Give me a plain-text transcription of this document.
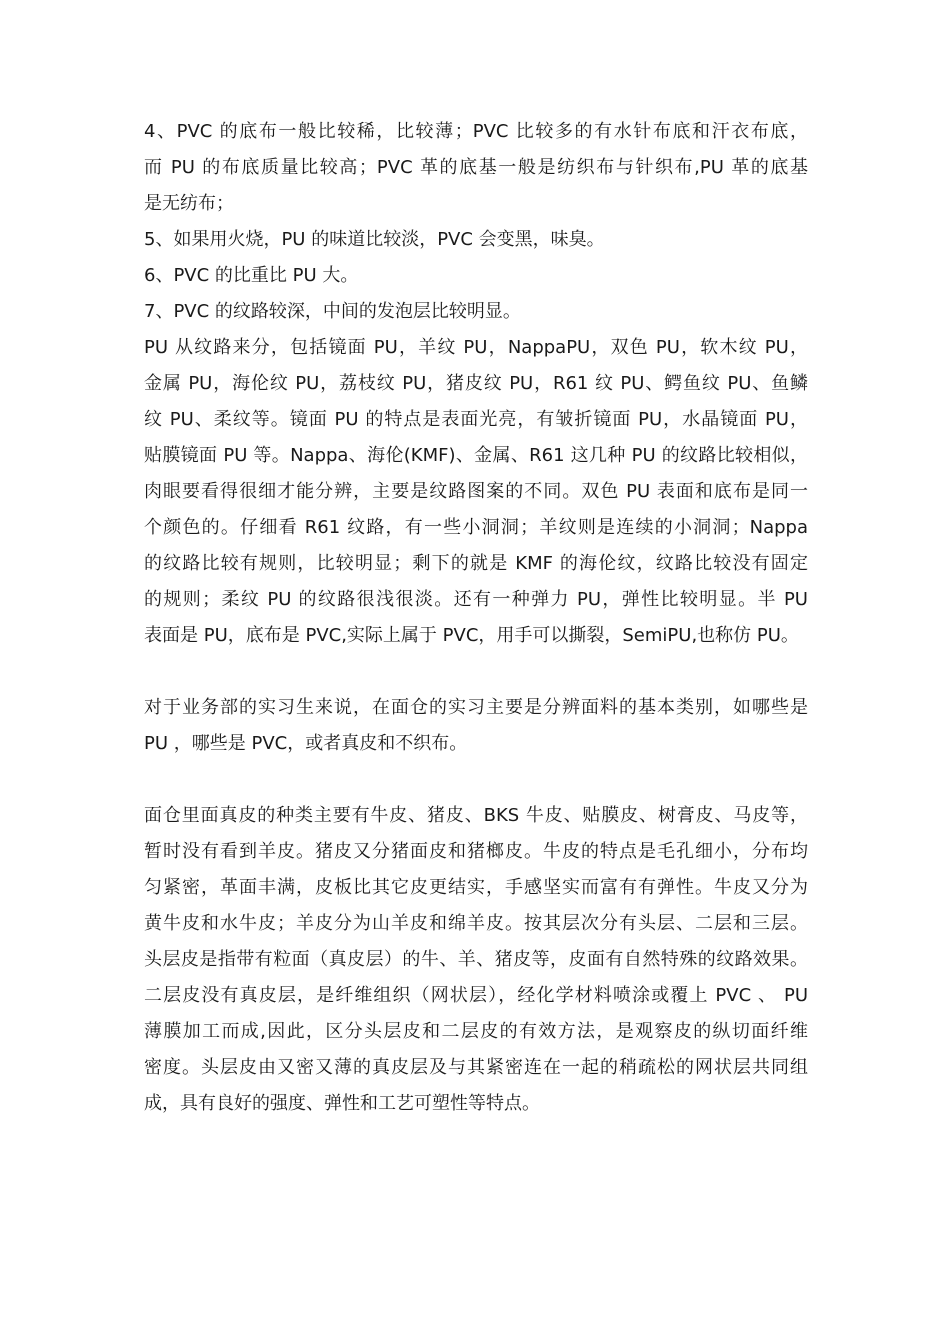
4、PVC 的底布一般比较稀，比较薄；PVC 比较多的有水针布底和汗衣布底，
而 PU 的布底质量比较高；PVC 革的底基一般是纺织布与针织布,PU 革的底基
是无纺布；
5、如果用火烧，PU 的味道比较淡，PVC 会变黑，味臭。
6、PVC 的比重比 PU 大。
7、PVC 的纹路较深，中间的发泡层比较明显。
PU 从纹路来分，包括镜面 PU，羊纹 PU，NappaPU，双色 PU，软木纹 PU，
金属 PU，海伦纹 PU，荔枝纹 PU，猪皮纹 PU，R61 纹 PU、鳄鱼纹 PU、鱼鳞
纹 PU、柔纹等。镜面 PU 的特点是表面光亮，有皱折镜面 PU，水晶镜面 PU，
贴膜镜面 PU 等。Nappa、海伦(KMF)、金属、R61 这几种 PU 的纹路比较相似，
肉眼要看得很细才能分辨，主要是纹路图案的不同。双色 PU 表面和底布是同一
个颜色的。仔细看 R61 纹路，有一些小洞洞；羊纹则是连续的小洞洞；Nappa
的纹路比较有规则，比较明显；剩下的就是 KMF 的海伦纹，纹路比较没有固定
的规则；柔纹 PU 的纹路很浅很淡。还有一种弹力 PU，弹性比较明显。半 PU
表面是 PU，底布是 PVC,实际上属于 PVC，用手可以撕裂，SemiPU,也称仿 PU。
对于业务部的实习生来说，在面仓的实习主要是分辨面料的基本类别，如哪些是
PU ，哪些是 PVC，或者真皮和不织布。
面仓里面真皮的种类主要有牛皮、猪皮、BKS 牛皮、贴膜皮、树膏皮、马皮等，
暂时没有看到羊皮。猪皮又分猪面皮和猪榔皮。牛皮的特点是毛孔细小，分布均
匀紧密，革面丰满，皮板比其它皮更结实，手感坚实而富有有弹性。牛皮又分为
黄牛皮和水牛皮；羊皮分为山羊皮和绵羊皮。按其层次分有头层、二层和三层。
头层皮是指带有粒面（真皮层）的牛、羊、猪皮等，皮面有自然特殊的纹路效果。
二层皮没有真皮层，是纤维组织（网状层），经化学材料喷涂或覆上 PVC 、 PU
薄膜加工而成,因此，区分头层皮和二层皮的有效方法，是观察皮的纵切面纤维
密度。头层皮由又密又薄的真皮层及与其紧密连在一起的稍疏松的网状层共同组
成，具有良好的强度、弹性和工艺可塑性等特点。
